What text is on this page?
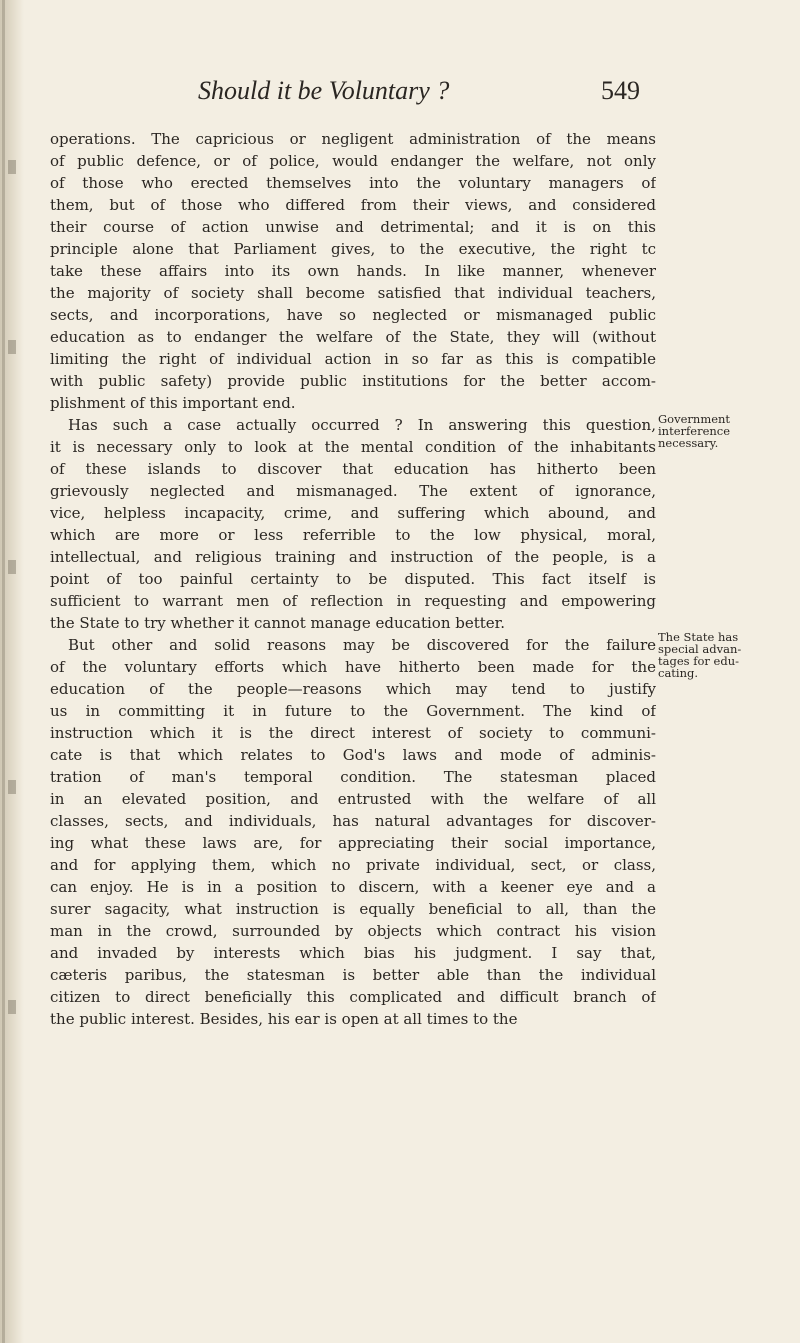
Should it be Voluntary ?	549
operations. The capricious or negligent administration of the means
of public defence, or of police, would endanger the welfare, not only
of those who erected themselves into the voluntary managers of
them, but of those who differed from their views, and considered
their course of action unwise and detrimental; and it is on this
principle alone that Parliament gives, to the executive, the right tc
take these affairs into its own hands. In like manner, whenever
the majority of society shall become satisfied that individual teachers,
sects, and incorporations, have so neglected or mismanaged public
education as to endanger the welfare of the State, they will (without
limiting the right of individual action in so far as this is compatible
with public safety) provide public institutions for the better accom-
plishment of this important end.
Has such a case actually occurred ? In answering this question,
it is necessary only to look at the mental condition of the inhabitants
of these islands to discover that education has hitherto been
grievously neglected and mismanaged. The extent of ignorance,
vice, helpless incapacity, crime, and suffering which abound, and
which are more or less referrible to the low physical, moral,
intellectual, and religious training and instruction of the people, is a
point of too painful certainty to be disputed. This fact itself is
sufficient to warrant men of reflection in requesting and empowering
the State to try whether it cannot manage education better.
But other and solid reasons may be discovered for the failure
of the voluntary efforts which have hitherto been made for the
education of the people—reasons which may tend to justify
us in committing it in future to the Government. The kind of
instruction which it is the direct interest of society to communi-
cate is that which relates to God's laws and mode of adminis-
tration of man's temporal condition. The statesman placed
in an elevated position, and entrusted with the welfare of all
classes, sects, and individuals, has natural advantages for discover-
ing what these laws are, for appreciating their social importance,
and for applying them, which no private individual, sect, or class,
can enjoy. He is in a position to discern, with a keener eye and a
surer sagacity, what instruction is equally beneficial to all, than the
man in the crowd, surrounded by objects which contract his vision
and invaded by interests which bias his judgment. I say that,
cæteris paribus, the statesman is better able than the individual
citizen to direct beneficially this complicated and difficult branch of
the public interest. Besides, his ear is open at all times to the
Government
interference
necessary.
The State has
special advan-
tages for edu-
cating.
